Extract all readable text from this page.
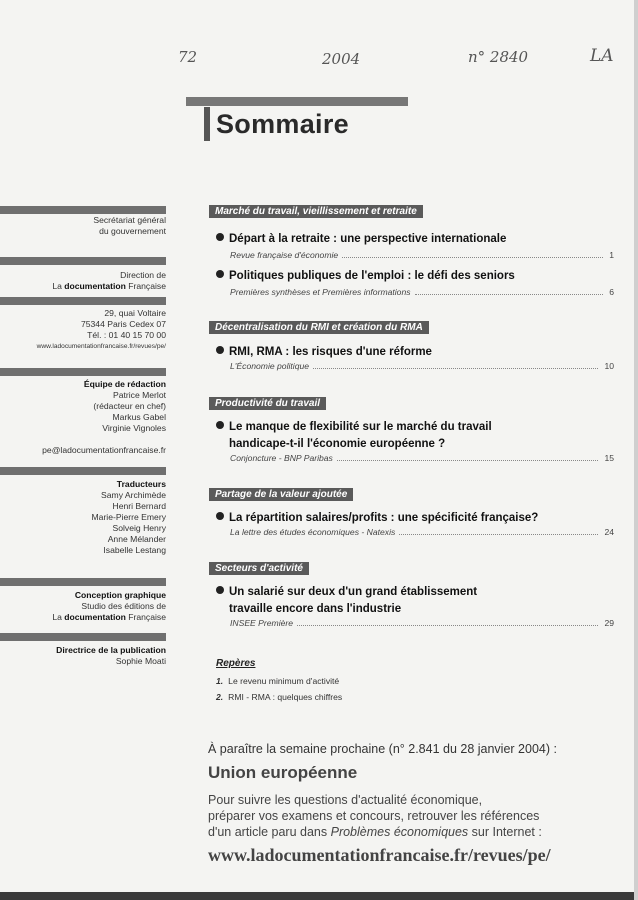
72	2004	n° 2840	LA
Sommaire
Secrétariat général
du gouvernement
Direction de
La documentation Française
29, quai Voltaire
75344 Paris Cedex 07
Tél. : 01 40 15 70 00
www.ladocumentationfrancaise.fr/revues/pe/
Équipe de rédaction
Patrice Merlot
(rédacteur en chef)
Markus Gabel
Virginie Vignoles
pe@ladocumentationfrancaise.fr
Traducteurs
Samy Archimède
Henri Bernard
Marie-Pierre Emery
Solveig Henry
Anne Mélander
Isabelle Lestang
Conception graphique
Studio des éditions de
La documentation Française
Directrice de la publication
Sophie Moati
Marché du travail, vieillissement et retraite
Départ à la retraite : une perspective internationale
Revue française d'économie	1
Politiques publiques de l'emploi : le défi des seniors
Premières synthèses et Premières informations	6
Décentralisation du RMI et création du RMA
RMI, RMA : les risques d'une réforme
L'Économie politique	10
Productivité du travail
Le manque de flexibilité sur le marché du travail
handicape-t-il l'économie européenne ?
Conjoncture - BNP Paribas	15
Partage de la valeur ajoutée
La répartition salaires/profits : une spécificité française?
La lettre des études économiques - Natexis	24
Secteurs d'activité
Un salarié sur deux d'un grand établissement
travaille encore dans l'industrie
INSEE Première	29
Repères
1. Le revenu minimum d'activité
2. RMI - RMA : quelques chiffres
À paraître la semaine prochaine (n° 2.841 du 28 janvier 2004) :
Union européenne
Pour suivre les questions d'actualité économique,
préparer vos examens et concours, retrouver les références
d'un article paru dans Problèmes économiques sur Internet :
www.ladocumentationfrancaise.fr/revues/pe/
